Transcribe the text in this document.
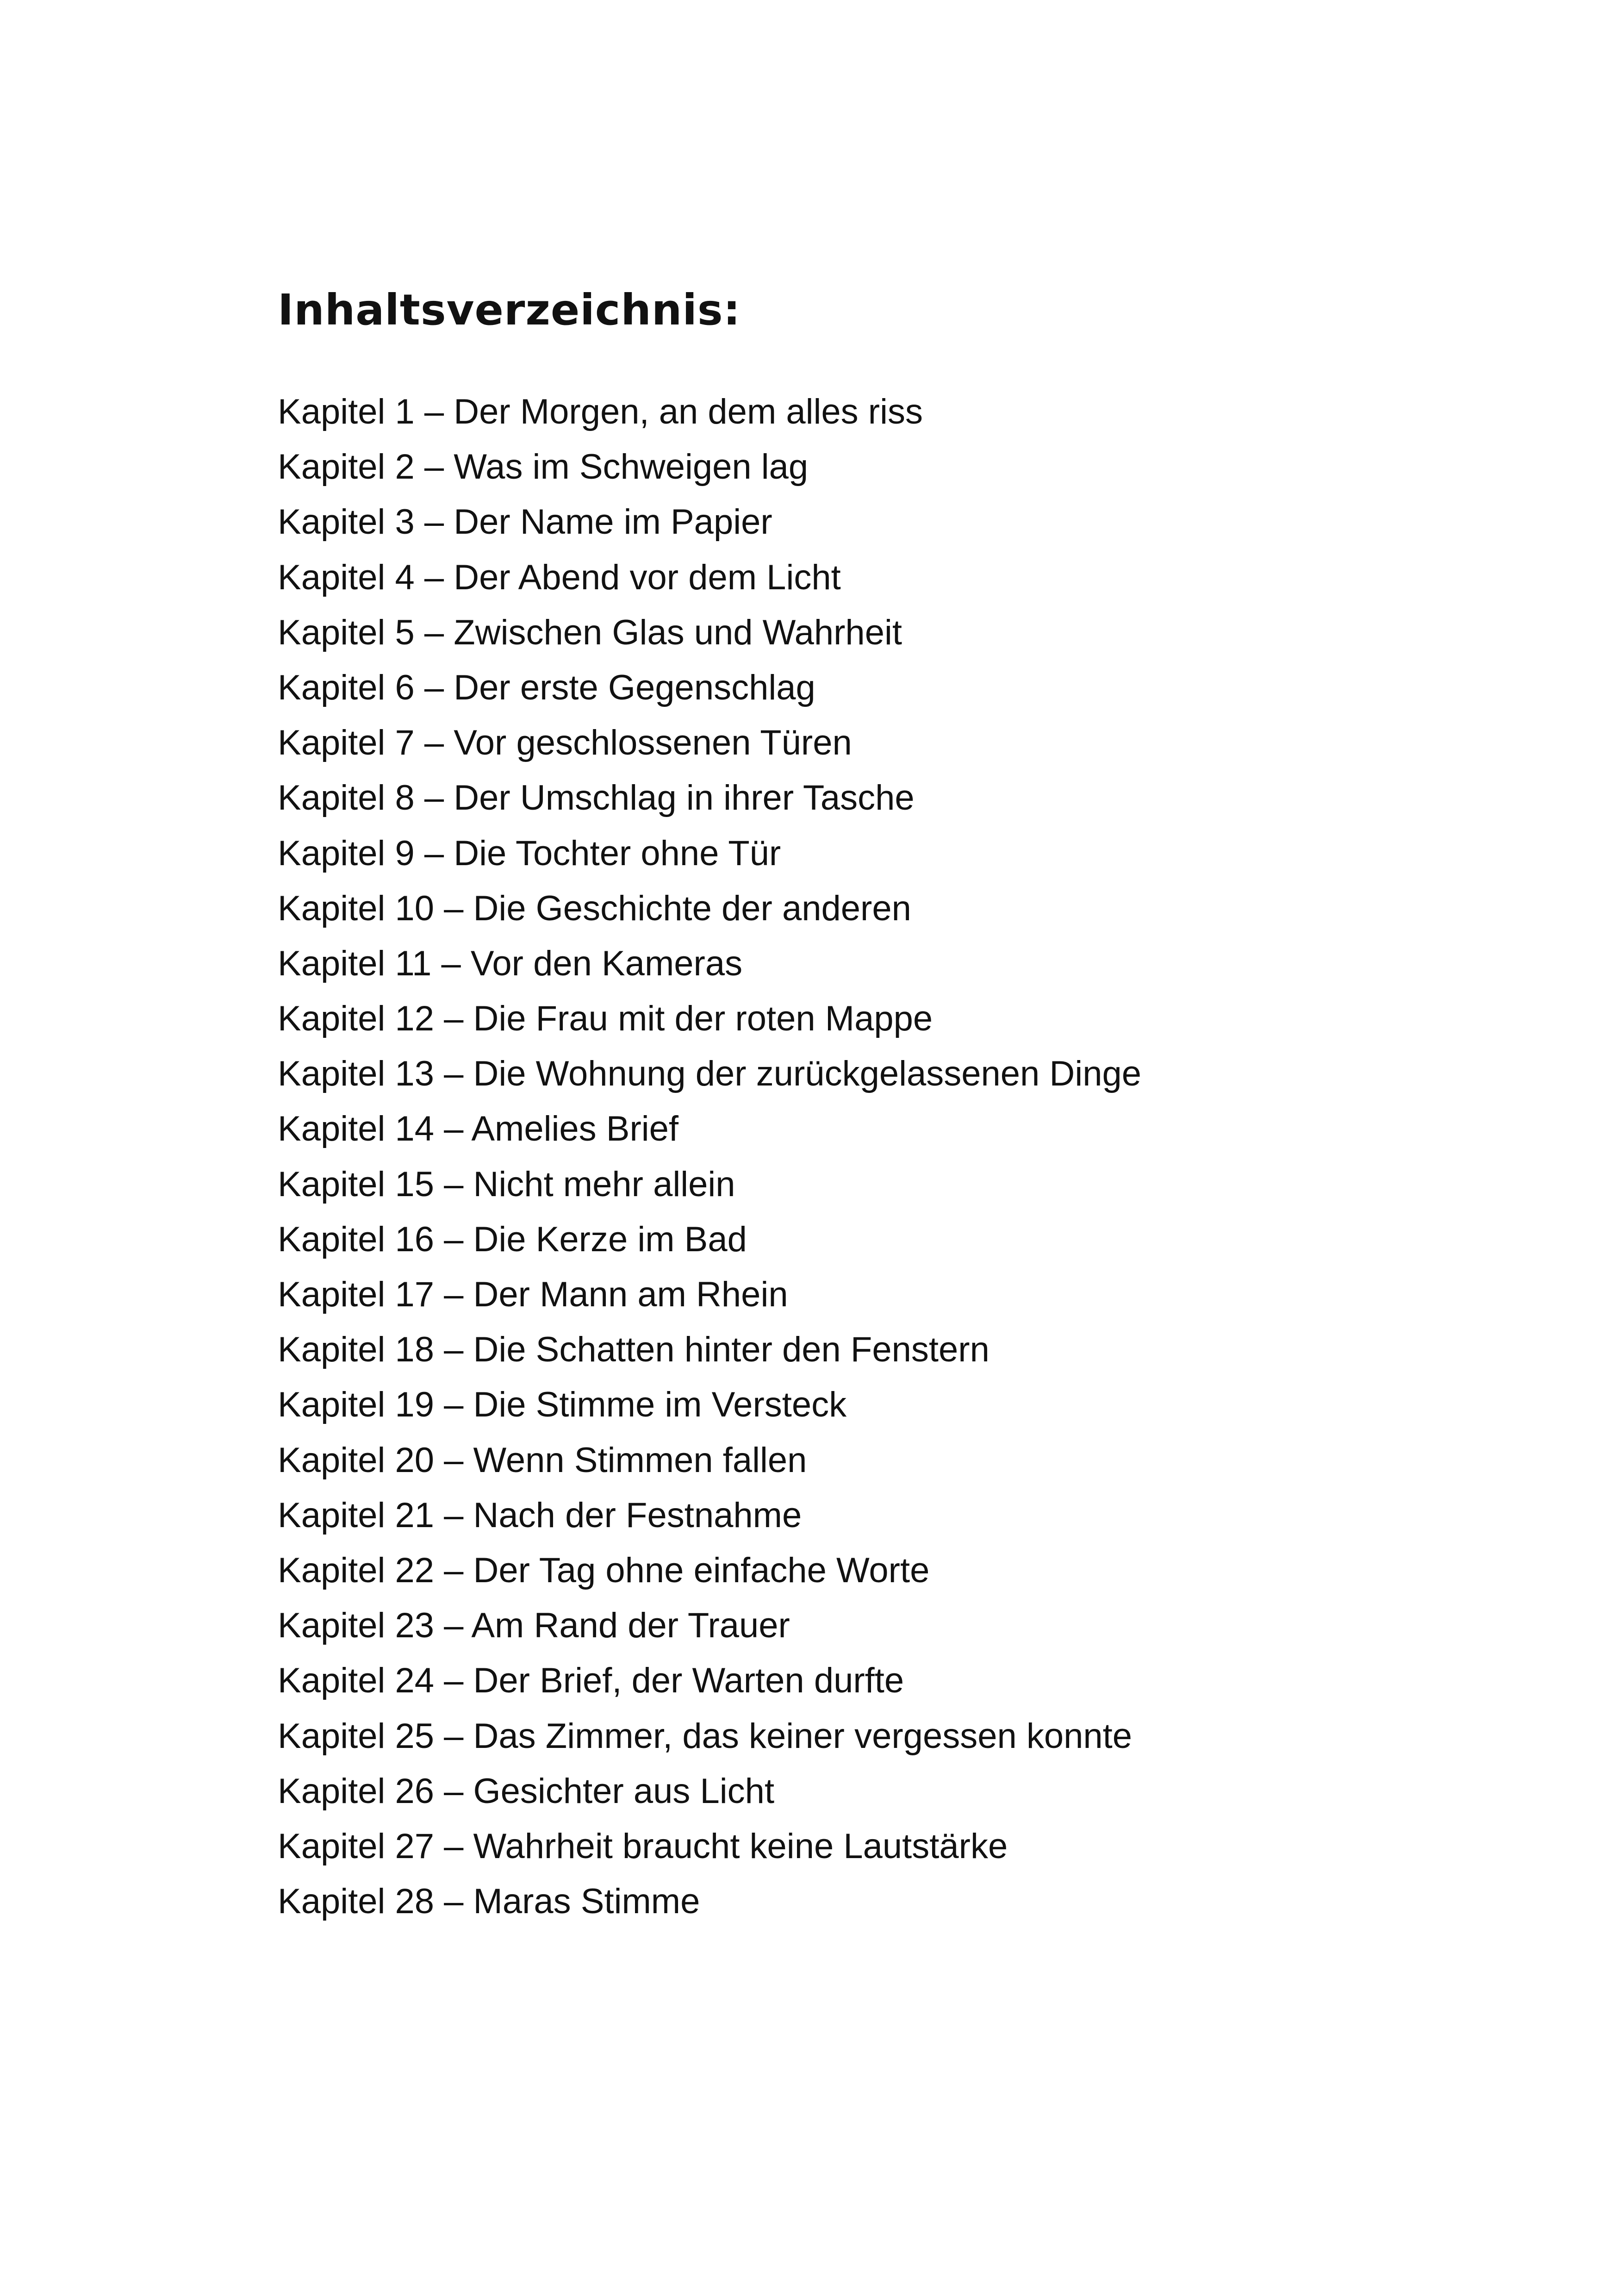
Inhaltsverzeichnis:
Kapitel 1 – Der Morgen, an dem alles riss
Kapitel 2 – Was im Schweigen lag
Kapitel 3 – Der Name im Papier
Kapitel 4 – Der Abend vor dem Licht
Kapitel 5 – Zwischen Glas und Wahrheit
Kapitel 6 – Der erste Gegenschlag
Kapitel 7 – Vor geschlossenen Türen
Kapitel 8 – Der Umschlag in ihrer Tasche
Kapitel 9 – Die Tochter ohne Tür
Kapitel 10 – Die Geschichte der anderen
Kapitel 11 – Vor den Kameras
Kapitel 12 – Die Frau mit der roten Mappe
Kapitel 13 – Die Wohnung der zurückgelassenen Dinge
Kapitel 14 – Amelies Brief
Kapitel 15 – Nicht mehr allein
Kapitel 16 – Die Kerze im Bad
Kapitel 17 – Der Mann am Rhein
Kapitel 18 – Die Schatten hinter den Fenstern
Kapitel 19 – Die Stimme im Versteck
Kapitel 20 – Wenn Stimmen fallen
Kapitel 21 – Nach der Festnahme
Kapitel 22 – Der Tag ohne einfache Worte
Kapitel 23 – Am Rand der Trauer
Kapitel 24 – Der Brief, der Warten durfte
Kapitel 25 – Das Zimmer, das keiner vergessen konnte
Kapitel 26 – Gesichter aus Licht
Kapitel 27 – Wahrheit braucht keine Lautstärke
Kapitel 28 – Maras Stimme
